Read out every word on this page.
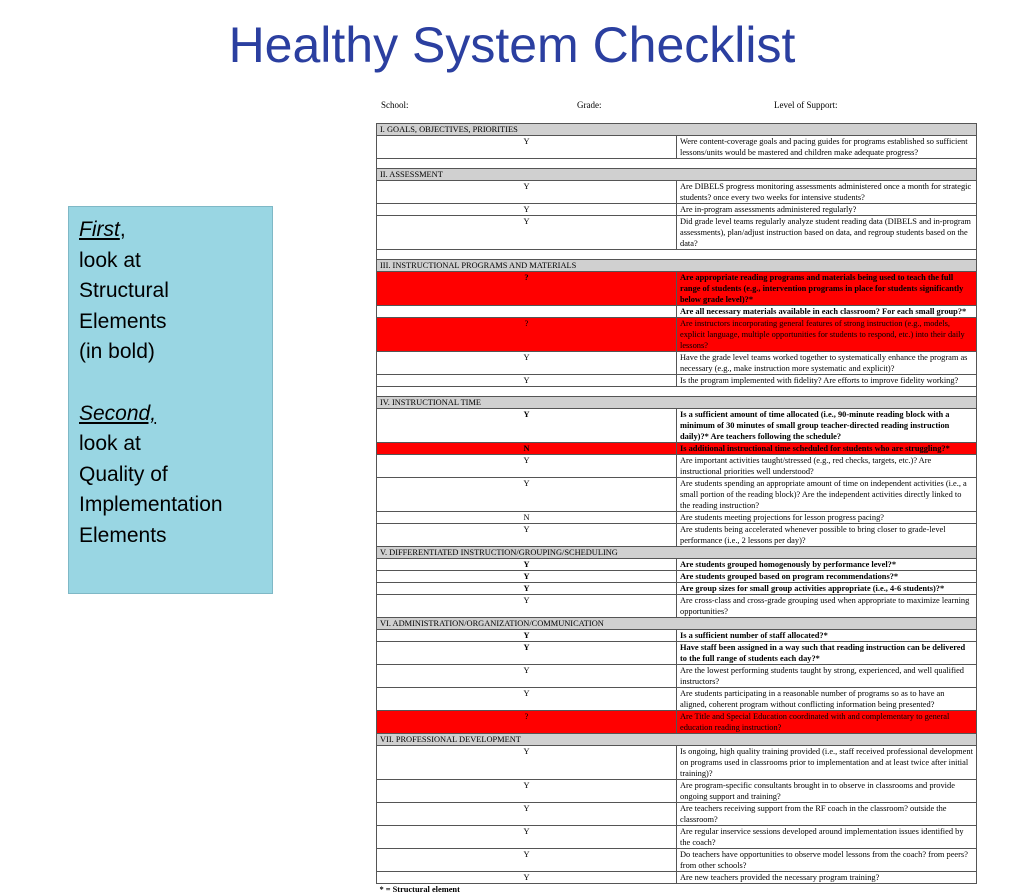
Healthy System Checklist
First,
look at
Structural
Elements
(in bold)
Second,
look at
Quality of
Implementation
Elements
School:	Grade:	Level of Support:
I. GOALS, OBJECTIVES, PRIORITIES	
Y	Were content-coverage goals and pacing guides for programs established so sufficient lessons/units would be mastered and children make adequate progress?

II. ASSESSMENT	
Y	Are DIBELS progress monitoring assessments administered once a month for strategic students? once every two weeks for intensive students?
Y	Are in-program assessments administered regularly?
Y	Did grade level teams regularly analyze student reading data (DIBELS and in-program assessments), plan/adjust instruction based on data, and regroup students based on the data?

III. INSTRUCTIONAL PROGRAMS AND MATERIALS	
?	Are appropriate reading programs and materials being used to teach the full range of students (e.g., intervention programs in place for students significantly below grade level)?*
	Are all necessary materials available in each classroom? For each small group?*
?	Are instructors incorporating general features of strong instruction (e.g., models, explicit language, multiple opportunities for students to respond, etc.) into their daily lessons?
Y	Have the grade level teams worked together to systematically enhance the program as necessary (e.g., make instruction more systematic and explicit)?
Y	Is the program implemented with fidelity? Are efforts to improve fidelity working?

IV. INSTRUCTIONAL TIME	
Y	Is a sufficient amount of time allocated (i.e., 90-minute reading block with a minimum of 30 minutes of small group teacher-directed reading instruction daily)?* Are teachers following the schedule?
N	Is additional instructional time scheduled for students who are struggling?*
Y	Are important activities taught/stressed (e.g., red checks, targets, etc.)? Are instructional priorities well understood?
Y	Are students spending an appropriate amount of time on independent activities (i.e., a small portion of the reading block)? Are the independent activities directly linked to the reading instruction?
N	Are students meeting projections for lesson progress pacing?
Y	Are students being accelerated whenever possible to bring closer to grade-level performance (i.e., 2 lessons per day)?
V. DIFFERENTIATED INSTRUCTION/GROUPING/SCHEDULING	
Y	Are students grouped homogenously by performance level?*
Y	Are students grouped based on program recommendations?*
Y	Are group sizes for small group activities appropriate (i.e., 4-6 students)?*
Y	Are cross-class and cross-grade grouping used when appropriate to maximize learning opportunities?
VI. ADMINISTRATION/ORGANIZATION/COMMUNICATION	
Y	Is a sufficient number of staff allocated?*
Y	Have staff been assigned in a way such that reading instruction can be delivered to the full range of students each day?*
Y	Are the lowest performing students taught by strong, experienced, and well qualified instructors?
Y	Are students participating in a reasonable number of programs so as to have an aligned, coherent program without conflicting information being presented?
?	Are Title and Special Education coordinated with and complementary to general education reading instruction?
VII. PROFESSIONAL DEVELOPMENT	
Y	Is ongoing, high quality training provided (i.e., staff received professional development on programs used in classrooms prior to implementation and at least twice after initial training)?
Y	Are program-specific consultants brought in to observe in classrooms and provide ongoing support and training?
Y	Are teachers receiving support from the RF coach in the classroom? outside the classroom?
Y	Are regular inservice sessions developed around implementation issues identified by the coach?
Y	Do teachers have opportunities to observe model lessons from the coach? from peers? from other schools?
Y	Are new teachers provided the necessary program training?
* = Structural element	
